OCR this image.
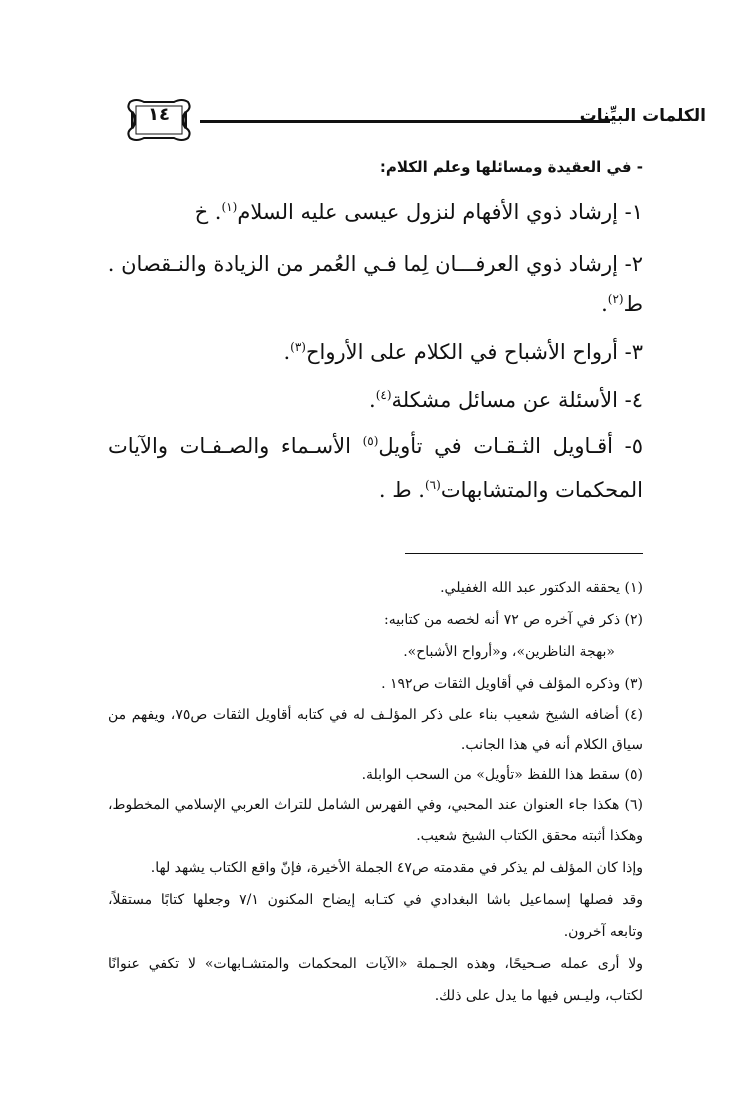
١٤	الكلمات البيِّنات
- في العقيدة ومسائلها وعلم الكلام:
١- إرشاد ذوي الأفهام لنزول عيسى عليه السلام$^{(١)}$. خ
٢- إرشاد ذوي العرفـــان لِما فـي العُمر من الزيادة والنـقصان .
ط$^{(٢)}$.
٣- أرواح الأشباح في الكلام على الأرواح$^{(٣)}$.
٤- الأسئلة عن مسائل مشكلة$^{(٤)}$.
٥- أقـاويل الثـقـات في تأويل$^{(٥)}$ الأسـماء والصـفـات والآيات
المحكمات والمتشابهات$^{(٦)}$. ط .
(١) يحققه الدكتور عبد الله الغفيلي.
(٢) ذكر في آخره ص ٧٢ أنه لخصه من كتابيه:
«بهجة الناظرين»، و«أرواح الأشباح».
(٣) وذكره المؤلف في أقاويل الثقات ص١٩٢ .
(٤) أضافه الشيخ شعيب بناء على ذكر المؤلـف له في كتابه أقاويل الثقات ص٧٥، ويفهم من
سياق الكلام أنه في هذا الجانب.
(٥) سقط هذا اللفظ «تأويل» من السحب الوابلة.
(٦) هكذا جاء العنوان عند المحبي، وفي الفهرس الشامل للتراث العربي الإسلامي المخطوط،
وهكذا أثبته محقق الكتاب الشيخ شعيب.
وإذا كان المؤلف لم يذكر في مقدمته ص٤٧ الجملة الأخيرة، فإنّ واقع الكتاب يشهد لها.
وقد فصلها إسماعيل باشا البغدادي في كتـابه إيضاح المكنون ٧/١ وجعلها كتابًا مستقلاً،
وتابعه آخرون.
ولا أرى عمله صـحيحًا، وهذه الجـملة «الآيات المحكمات والمتشـابهات» لا تكفي عنوانًا
لكتاب، وليـس فيها ما يدل على ذلك.
